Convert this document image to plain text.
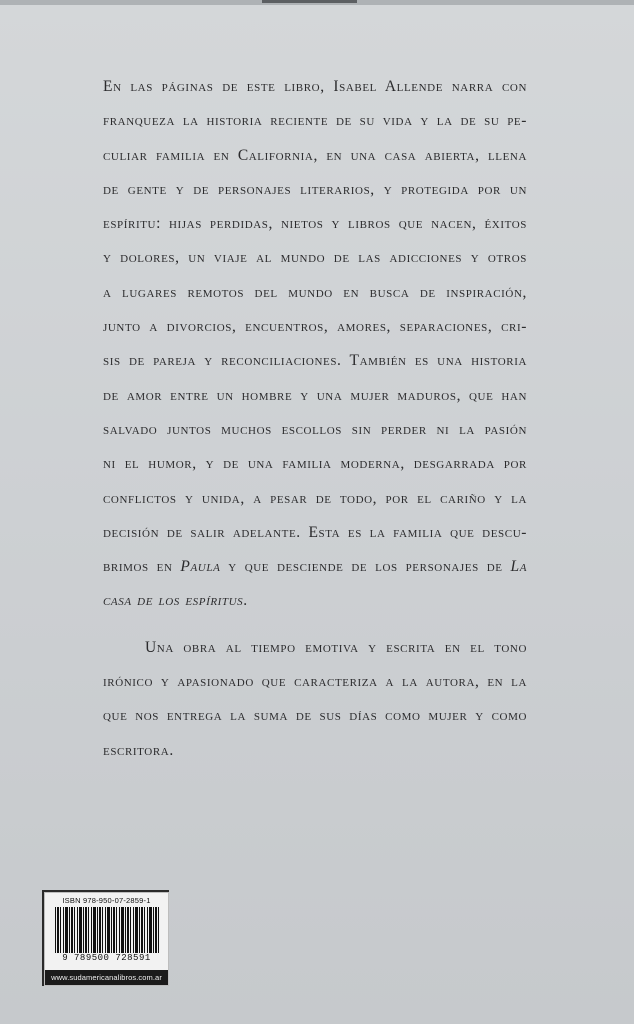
En las páginas de este libro, Isabel Allende narra con
franqueza la historia reciente de su vida y la de su pe-
culiar familia en California, en una casa abierta, llena
de gente y de personajes literarios, y protegida por un
espíritu: hijas perdidas, nietos y libros que nacen, éxitos
y dolores, un viaje al mundo de las adicciones y otros
a lugares remotos del mundo en busca de inspiración,
junto a divorcios, encuentros, amores, separaciones, cri-
sis de pareja y reconciliaciones. También es una historia
de amor entre un hombre y una mujer maduros, que han
salvado juntos muchos escollos sin perder ni la pasión
ni el humor, y de una familia moderna, desgarrada por
conflictos y unida, a pesar de todo, por el cariño y la
decisión de salir adelante. Esta es la familia que descu-
brimos en Paula y que desciende de los personajes de La
casa de los espíritus.
Una obra al tiempo emotiva y escrita en el tono
irónico y apasionado que caracteriza a la autora, en la
que nos entrega la suma de sus días como mujer y como
escritora.
ISBN 978-950-07-2859-1
9 789500 728591
www.sudamericanalibros.com.ar
